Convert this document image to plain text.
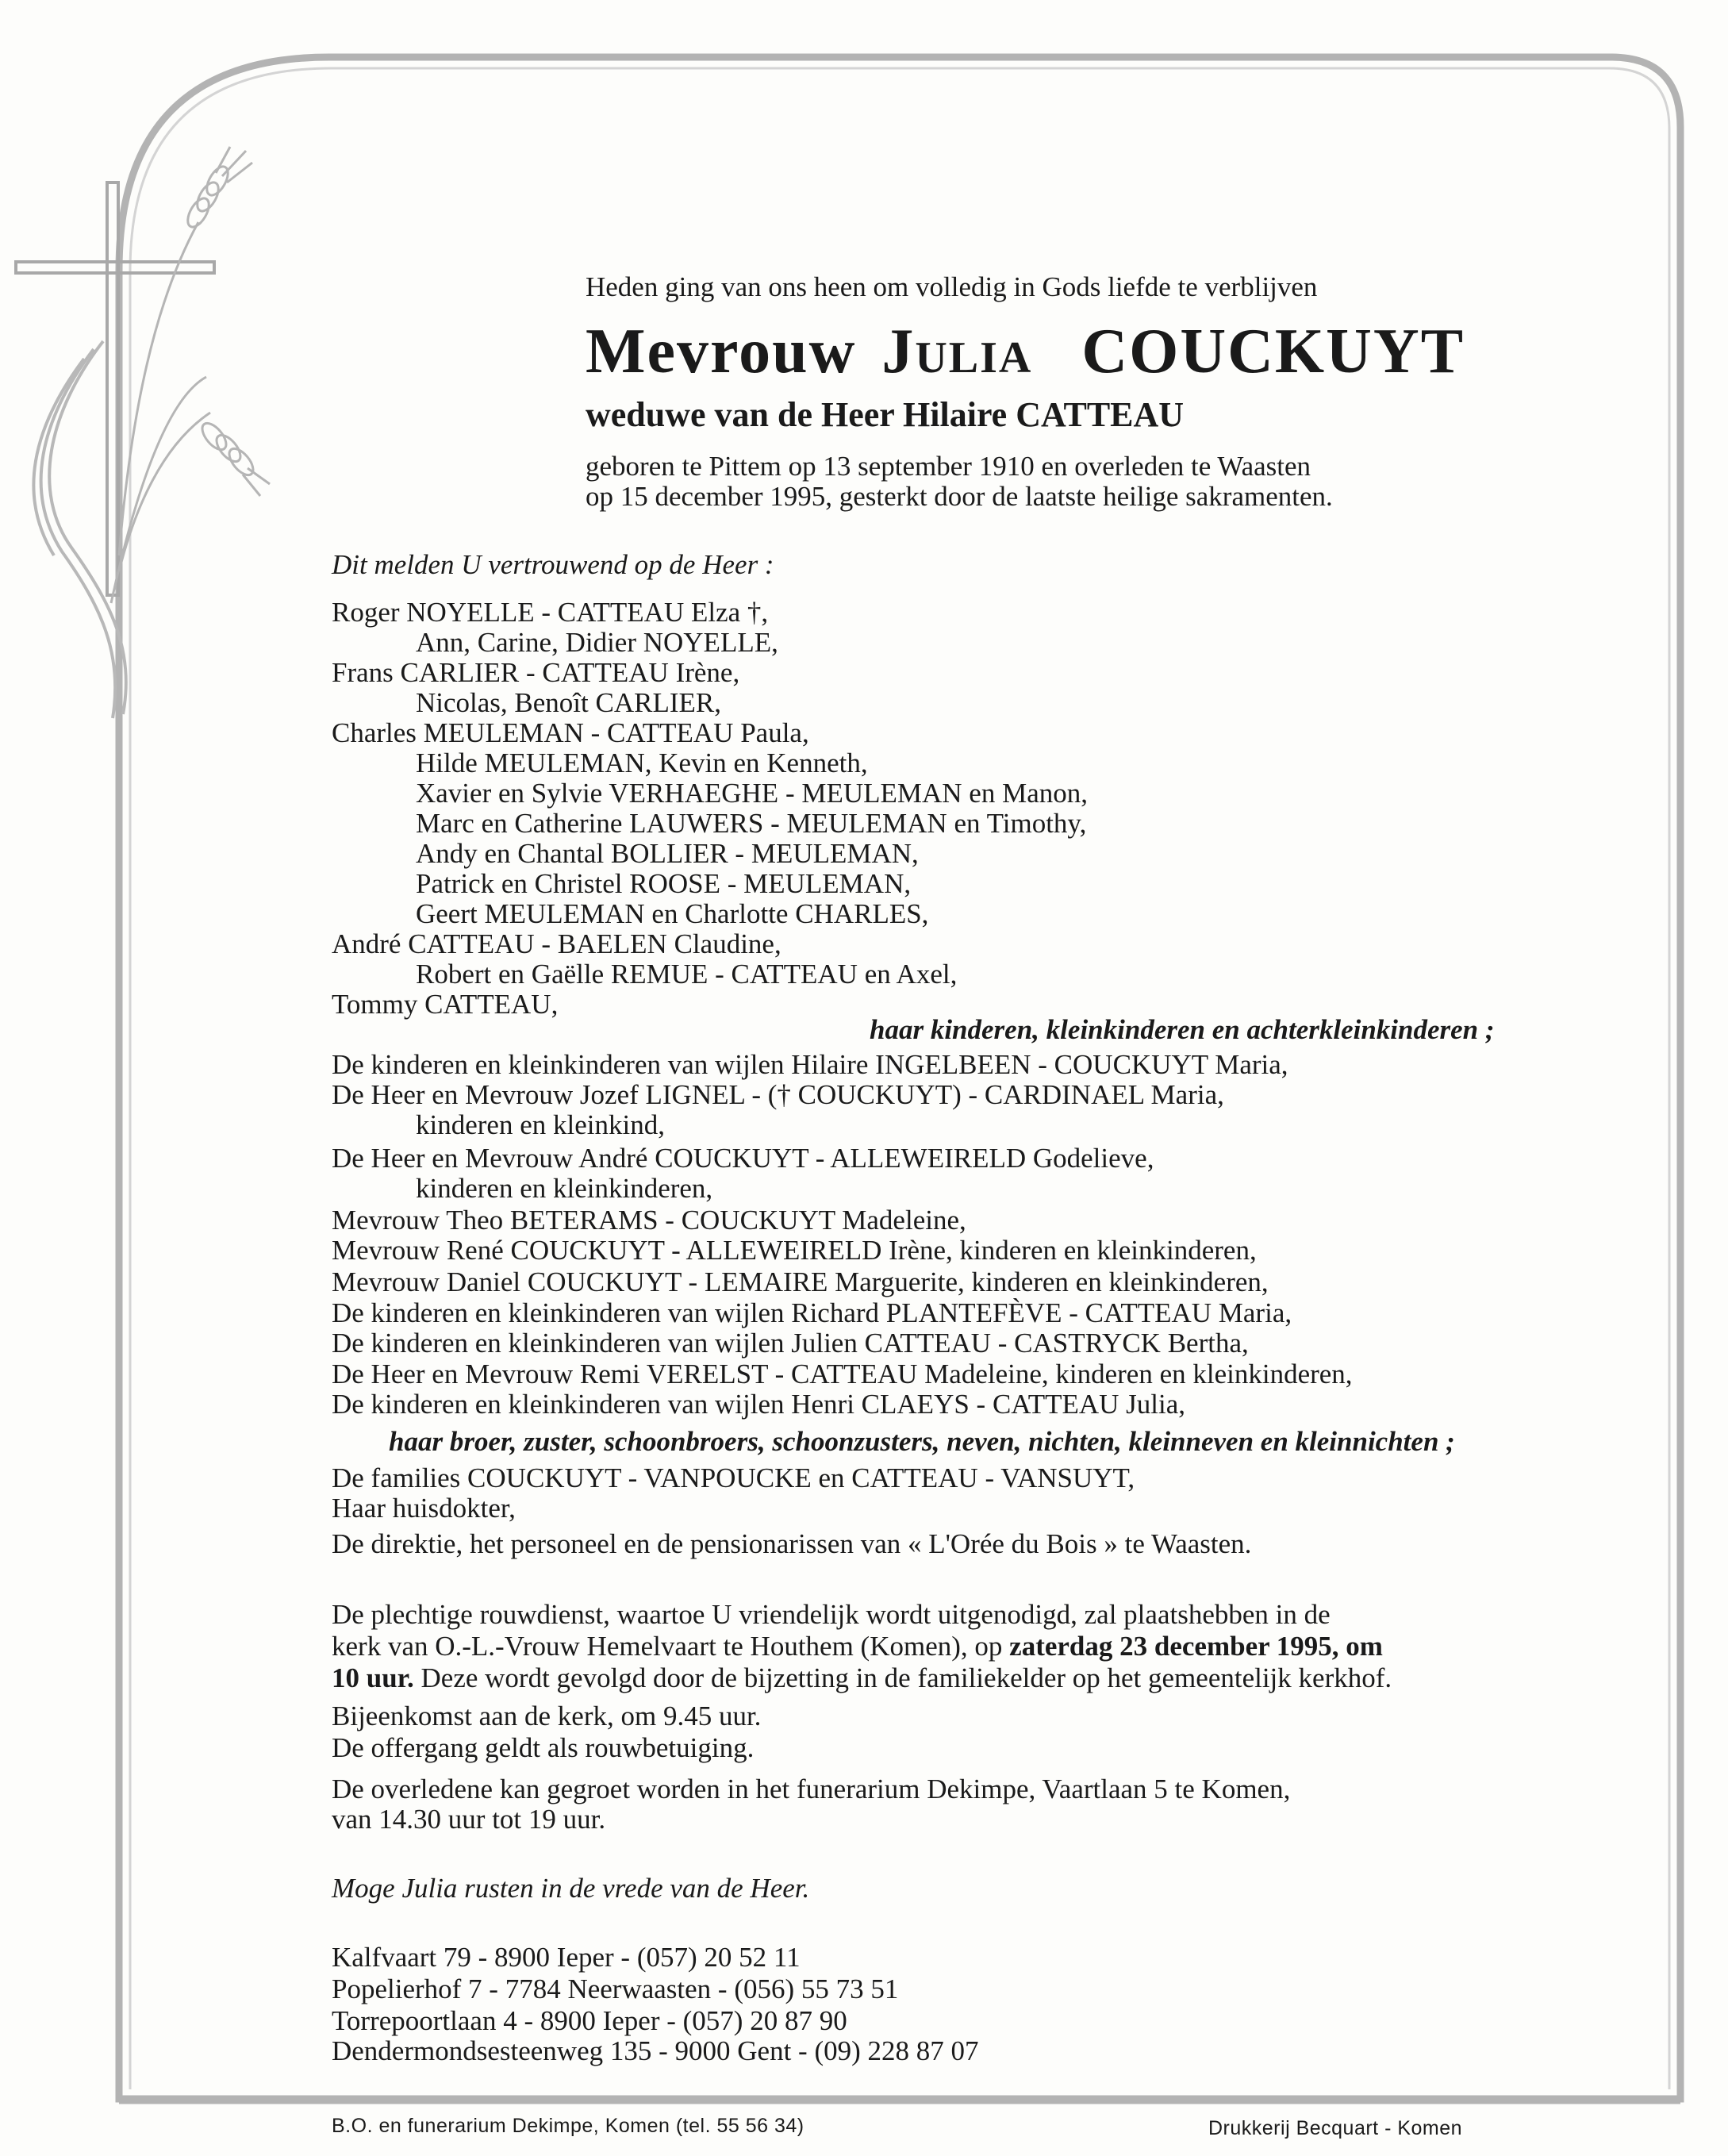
Heden ging van ons heen om volledig in Gods liefde te verblijven

Mevrouw Julia COUCKUYT

weduwe van de Heer Hilaire CATTEAU

geboren te Pittem op 13 september 1910 en overleden te Waasten

op 15 december 1995, gesterkt door de laatste heilige sakramenten.

Dit melden U vertrouwend op de Heer :

Roger NOYELLE - CATTEAU Elza †,
Ann, Carine, Didier NOYELLE,
Frans CARLIER - CATTEAU Irène,
Nicolas, Benoît CARLIER,
Charles MEULEMAN - CATTEAU Paula,
Hilde MEULEMAN, Kevin en Kenneth,
Xavier en Sylvie VERHAEGHE - MEULEMAN en Manon,
Marc en Catherine LAUWERS - MEULEMAN en Timothy,
Andy en Chantal BOLLIER - MEULEMAN,
Patrick en Christel ROOSE - MEULEMAN,
Geert MEULEMAN en Charlotte CHARLES,
André CATTEAU - BAELEN Claudine,
Robert en Gaëlle REMUE - CATTEAU en Axel,
Tommy CATTEAU,
haar kinderen, kleinkinderen en achterkleinkinderen ;
De kinderen en kleinkinderen van wijlen Hilaire INGELBEEN - COUCKUYT Maria,
De Heer en Mevrouw Jozef LIGNEL - († COUCKUYT) - CARDINAEL Maria,
kinderen en kleinkind,
De Heer en Mevrouw André COUCKUYT - ALLEWEIRELD Godelieve,
kinderen en kleinkinderen,
Mevrouw Theo BETERAMS - COUCKUYT Madeleine,
Mevrouw René COUCKUYT - ALLEWEIRELD Irène, kinderen en kleinkinderen,
Mevrouw Daniel COUCKUYT - LEMAIRE Marguerite, kinderen en kleinkinderen,
De kinderen en kleinkinderen van wijlen Richard PLANTEFÈVE - CATTEAU Maria,
De kinderen en kleinkinderen van wijlen Julien CATTEAU - CASTRYCK Bertha,
De Heer en Mevrouw Remi VERELST - CATTEAU Madeleine, kinderen en kleinkinderen,
De kinderen en kleinkinderen van wijlen Henri CLAEYS - CATTEAU Julia,
haar broer, zuster, schoonbroers, schoonzusters, neven, nichten, kleinneven en kleinnichten ;
De families COUCKUYT - VANPOUCKE en CATTEAU - VANSUYT,
Haar huisdokter,
De direktie, het personeel en de pensionarissen van « L'Orée du Bois » te Waasten.

De plechtige rouwdienst, waartoe U vriendelijk wordt uitgenodigd, zal plaatshebben in de

kerk van O.-L.-Vrouw Hemelvaart te Houthem (Komen), op zaterdag 23 december 1995, om

10 uur. Deze wordt gevolgd door de bijzetting in de familiekelder op het gemeentelijk kerkhof.

Bijeenkomst aan de kerk, om 9.45 uur.

De offergang geldt als rouwbetuiging.

De overledene kan gegroet worden in het funerarium Dekimpe, Vaartlaan 5 te Komen,

van 14.30 uur tot 19 uur.

Moge Julia rusten in de vrede van de Heer.

Kalfvaart 79 - 8900 Ieper - (057) 20 52 11

Popelierhof 7 - 7784 Neerwaasten - (056) 55 73 51

Torrepoortlaan 4 - 8900 Ieper - (057) 20 87 90

Dendermondsesteenweg 135 - 9000 Gent - (09) 228 87 07

B.O. en funerarium Dekimpe, Komen (tel. 55 56 34)	Drukkerij Becquart - Komen
